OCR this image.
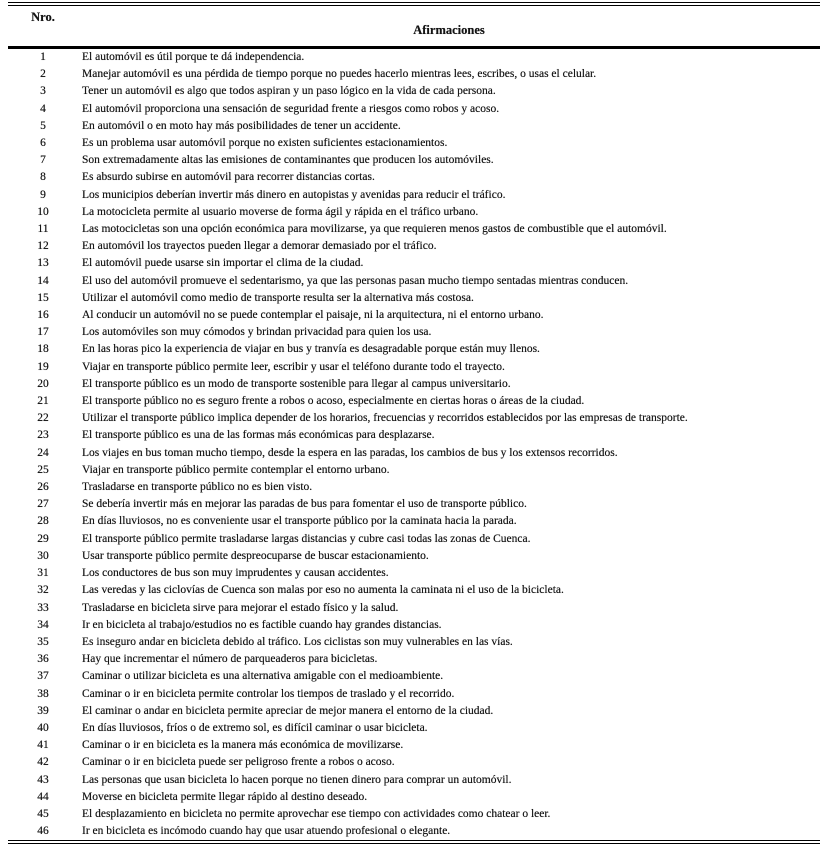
Nro.	Afirmaciones
1	El automóvil es útil porque te dá independencia.
2	Manejar automóvil es una pérdida de tiempo porque no puedes hacerlo mientras lees, escribes, o usas el celular.
3	Tener un automóvil es algo que todos aspiran y un paso lógico en la vida de cada persona.
4	El automóvil proporciona una sensación de seguridad frente a riesgos como robos y acoso.
5	En automóvil o en moto hay más posibilidades de tener un accidente.
6	Es un problema usar automóvil porque no existen suficientes estacionamientos.
7	Son extremadamente altas las emisiones de contaminantes que producen los automóviles.
8	Es absurdo subirse en automóvil para recorrer distancias cortas.
9	Los municipios deberían invertir más dinero en autopistas y avenidas para reducir el tráfico.
10	La motocicleta permite al usuario moverse de forma ágil y rápida en el tráfico urbano.
11	Las motocicletas son una opción económica para movilizarse, ya que requieren menos gastos de combustible que el automóvil.
12	En automóvil los trayectos pueden llegar a demorar demasiado por el tráfico.
13	El automóvil puede usarse sin importar el clima de la ciudad.
14	El uso del automóvil promueve el sedentarismo, ya que las personas pasan mucho tiempo sentadas mientras conducen.
15	Utilizar el automóvil como medio de transporte resulta ser la alternativa más costosa.
16	Al conducir un automóvil no se puede contemplar el paisaje, ni la arquitectura, ni el entorno urbano.
17	Los automóviles son muy cómodos y brindan privacidad para quien los usa.
18	En las horas pico la experiencia de viajar en bus y tranvía es desagradable porque están muy llenos.
19	Viajar en transporte público permite leer, escribir y usar el teléfono durante todo el trayecto.
20	El transporte público es un modo de transporte sostenible para llegar al campus universitario.
21	El transporte público no es seguro frente a robos o acoso, especialmente en ciertas horas o áreas de la ciudad.
22	Utilizar el transporte público implica depender de los horarios, frecuencias y recorridos establecidos por las empresas de transporte.
23	El transporte público es una de las formas más económicas para desplazarse.
24	Los viajes en bus toman mucho tiempo, desde la espera en las paradas, los cambios de bus y los extensos recorridos.
25	Viajar en transporte público permite contemplar el entorno urbano.
26	Trasladarse en transporte público no es bien visto.
27	Se debería invertir más en mejorar las paradas de bus para fomentar el uso de transporte público.
28	En días lluviosos, no es conveniente usar el transporte público por la caminata hacia la parada.
29	El transporte público permite trasladarse largas distancias y cubre casi todas las zonas de Cuenca.
30	Usar transporte público permite despreocuparse de buscar estacionamiento.
31	Los conductores de bus son muy imprudentes y causan accidentes.
32	Las veredas y las ciclovías de Cuenca son malas por eso no aumenta la caminata ni el uso de la bicicleta.
33	Trasladarse en bicicleta sirve para mejorar el estado físico y la salud.
34	Ir en bicicleta al trabajo/estudios no es factible cuando hay grandes distancias.
35	Es inseguro andar en bicicleta debido al tráfico. Los ciclistas son muy vulnerables en las vías.
36	Hay que incrementar el número de parqueaderos para bicicletas.
37	Caminar o utilizar bicicleta es una alternativa amigable con el medioambiente.
38	Caminar o ir en bicicleta permite controlar los tiempos de traslado y el recorrido.
39	El caminar o andar en bicicleta permite apreciar de mejor manera el entorno de la ciudad.
40	En días lluviosos, fríos o de extremo sol, es difícil caminar o usar bicicleta.
41	Caminar o ir en bicicleta es la manera más económica de movilizarse.
42	Caminar o ir en bicicleta puede ser peligroso frente a robos o acoso.
43	Las personas que usan bicicleta lo hacen porque no tienen dinero para comprar un automóvil.
44	Moverse en bicicleta permite llegar rápido al destino deseado.
45	El desplazamiento en bicicleta no permite aprovechar ese tiempo con actividades como chatear o leer.
46	Ir en bicicleta es incómodo cuando hay que usar atuendo profesional o elegante.
